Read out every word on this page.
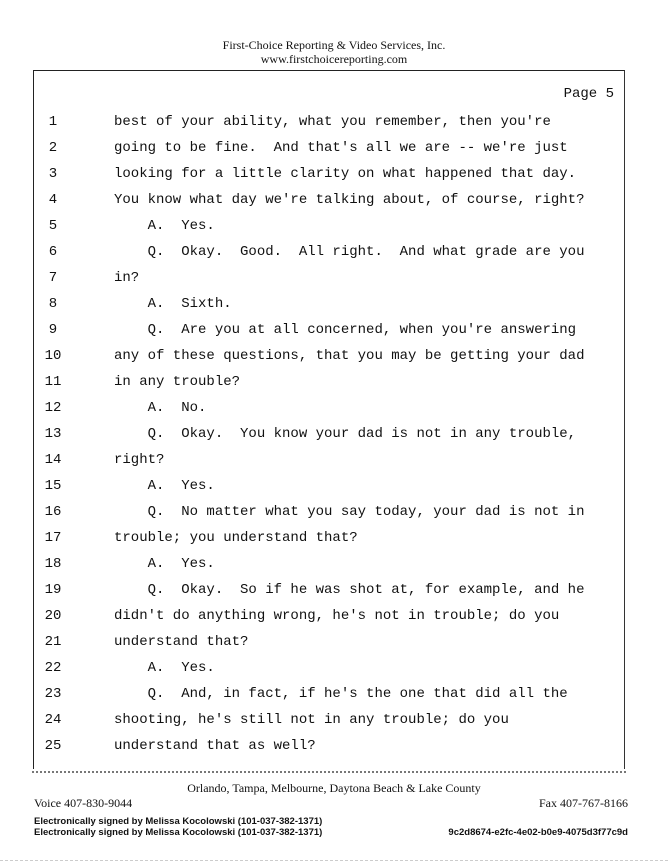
First-Choice Reporting & Video Services, Inc.
www.firstchoicereporting.com
Page 5
1	best of your ability, what you remember, then you're
2	going to be fine.  And that's all we are -- we're just
3	looking for a little clarity on what happened that day.
4	You know what day we're talking about, of course, right?
5	A.  Yes.
6	Q.  Okay.  Good.  All right.  And what grade are you
7	in?
8	A.  Sixth.
9	Q.  Are you at all concerned, when you're answering
10	any of these questions, that you may be getting your dad
11	in any trouble?
12	A.  No.
13	Q.  Okay.  You know your dad is not in any trouble,
14	right?
15	A.  Yes.
16	Q.  No matter what you say today, your dad is not in
17	trouble; you understand that?
18	A.  Yes.
19	Q.  Okay.  So if he was shot at, for example, and he
20	didn't do anything wrong, he's not in trouble; do you
21	understand that?
22	A.  Yes.
23	Q.  And, in fact, if he's the one that did all the
24	shooting, he's still not in any trouble; do you
25	understand that as well?
Orlando, Tampa, Melbourne, Daytona Beach & Lake County
Voice 407-830-9044	Fax 407-767-8166
Electronically signed by Melissa Kocolowski (101-037-382-1371)
Electronically signed by Melissa Kocolowski (101-037-382-1371)	9c2d8674-e2fc-4e02-b0e9-4075d3f77c9d
